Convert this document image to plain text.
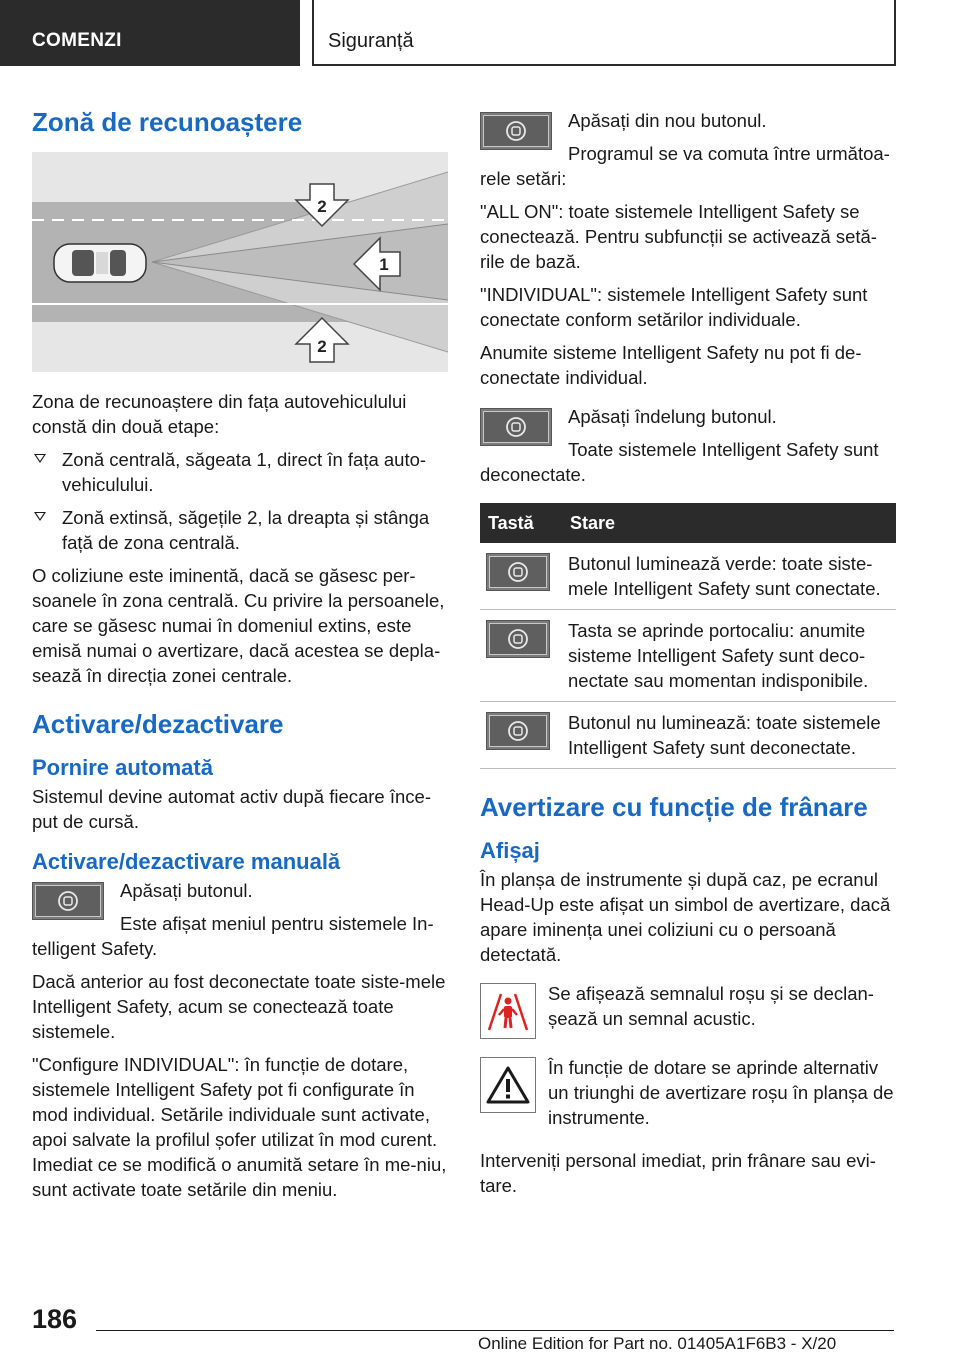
COMENZI	Siguranță
Zonă de recunoaștere
2
1
2

Zona de recunoaștere din fața autovehiculului constă din două etape:

Zonă centrală, săgeata 1, direct în fața auto-vehiculului.
Zonă extinsă, săgețile 2, la dreapta și stânga față de zona centrală.

O coliziune este iminentă, dacă se găsesc per-soanele în zona centrală. Cu privire la persoanele, care se găsesc numai în domeniul extins, este emisă numai o avertizare, dacă acestea se depla-sează în direcția zonei centrale.

Activare/dezactivare
Pornire automată

Sistemul devine automat activ după fiecare înce-put de cursă.

Activare/dezactivare manuală

Apăsați butonul.

Este afișat meniul pentru sistemele In-telligent Safety.

Dacă anterior au fost deconectate toate siste-mele Intelligent Safety, acum se conectează toate sistemele.

"Configure INDIVIDUAL": în funcție de dotare, sistemele Intelligent Safety pot fi configurate în mod individual. Setările individuale sunt activate, apoi salvate la profilul șofer utilizat în mod curent. Imediat ce se modifică o anumită setare în me-niu, sunt activate toate setările din meniu.

Apăsați din nou butonul.

Programul se va comuta între următoa-rele setări:

"ALL ON": toate sistemele Intelligent Safety se conectează. Pentru subfuncții se activează setă-rile de bază.

"INDIVIDUAL": sistemele Intelligent Safety sunt conectate conform setărilor individuale.

Anumite sisteme Intelligent Safety nu pot fi de-conectate individual.

Apăsați îndelung butonul.

Toate sistemele Intelligent Safety sunt deconectate.

Tastă	Stare

	Butonul luminează verde: toate siste-mele Intelligent Safety sunt conectate.

	Tasta se aprinde portocaliu: anumite sisteme Intelligent Safety sunt deco-nectate sau momentan indisponibile.

	Butonul nu luminează: toate sistemele Intelligent Safety sunt deconectate.
Avertizare cu funcție de frânare
Afișaj

În planșa de instrumente și după caz, pe ecranul Head-Up este afișat un simbol de avertizare, dacă apare iminența unei coliziuni cu o persoană detectată.

Se afișează semnalul roșu și se declan-șează un semnal acustic.

În funcție de dotare se aprinde alternativ un triunghi de avertizare roșu în planșa de instrumente.

Interveniți personal imediat, prin frânare sau evi-tare.

186
Online Edition for Part no. 01405A1F6B3 - X/20
